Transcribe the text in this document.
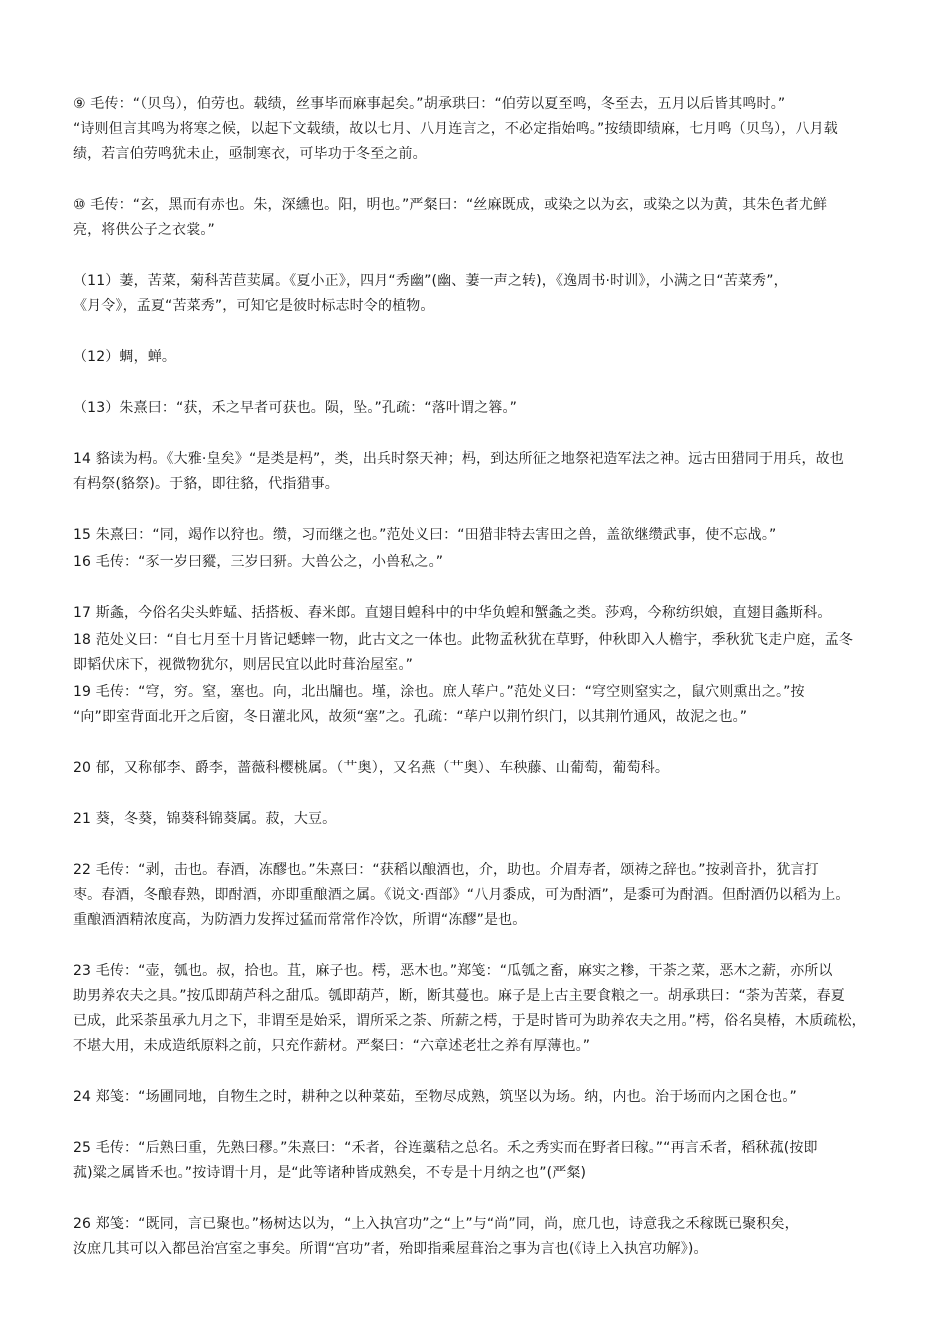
⑨ 毛传：“（贝鸟），伯劳也。载绩，丝事毕而麻事起矣。”胡承珙曰：“伯劳以夏至鸣，冬至去，五月以后皆其鸣时。”
“诗则但言其鸣为将寒之候，以起下文载绩，故以七月、八月连言之，不必定指始鸣。”按绩即绩麻，七月鸣（贝鸟），八月载
绩，若言伯劳鸣犹未止，亟制寒衣，可毕功于冬至之前。
⑩ 毛传：“玄，黑而有赤也。朱，深纁也。阳，明也。”严粲曰：“丝麻既成，或染之以为玄，或染之以为黄，其朱色者尤鲜
亮，将供公子之衣裳。”
（11）萋，苦菜，菊科苦苣荬属。《夏小正》，四月“秀幽”(幽、萋一声之转)，《逸周书·时训》，小满之日“苦菜秀”，
《月令》，孟夏“苦菜秀”，可知它是彼时标志时令的植物。
（12）蜩，蝉。
（13）朱熹曰：“获，禾之早者可获也。陨，坠。”孔疏：“落叶谓之簭。”
14 貉读为杩。《大雅·皇矣》“是类是杩”，类，出兵时祭天神；杩，到达所征之地祭祀造军法之神。远古田猎同于用兵，故也
有杩祭(貉祭)。于貉，即往貉，代指猎事。
15 朱熹曰：“同，竭作以狩也。缵，习而继之也。”范处义曰：“田猎非特去害田之兽，盖欲继缵武事，使不忘战。”
16 毛传：“豕一岁曰豵，三岁曰豜。大兽公之，小兽私之。”
17 斯螽，今俗名尖头蚱蜢、括搭板、舂米郎。直翅目蝗科中的中华负蝗和蟹螽之类。莎鸡，今称纺织娘，直翅目螽斯科。
18 范处义曰：“自七月至十月皆记蟋蟀一物，此古文之一体也。此物孟秋犹在草野，仲秋即入人檐宇，季秋犹飞走户庭，孟冬
即韬伏床下，视微物犹尔，则居民宜以此时葺治屋室。”
19 毛传：“穹，穷。窒，塞也。向，北出牖也。墐，涂也。庶人荜户。”范处义曰：“穹空则窒实之，鼠穴则熏出之。”按
“向”即室背面北开之后窗，冬日灌北风，故须“塞”之。孔疏：“荜户以荆竹织门，以其荆竹通风，故泥之也。”
20 郁，又称郁李、爵李，蔷薇科樱桃属。（艹奥），又名燕（艹奥）、车秧藤、山葡萄，葡萄科。
21 葵，冬葵，锦葵科锦葵属。菽，大豆。
22 毛传：“剥，击也。春酒，冻醪也。”朱熹曰：“获稻以酿酒也，介，助也。介眉寿者，颂祷之辞也。”按剥音扑，犹言打
枣。春酒，冬酿春熟，即酎酒，亦即重酿酒之属。《说文·酉部》“八月黍成，可为酎酒”，是黍可为酎酒。但酎酒仍以稻为上。
重酿酒酒精浓度高，为防酒力发挥过猛而常常作冷饮，所谓“冻醪”是也。
23 毛传：“壶，瓠也。叔，拾也。苴，麻子也。樗，恶木也。”郑笺：“瓜瓠之畜，麻实之糁，干荼之菜，恶木之薪，亦所以
助男养农夫之具。”按瓜即葫芦科之甜瓜。瓠即葫芦，断，断其蔓也。麻子是上古主要食粮之一。胡承珙曰：“荼为苦菜，春夏
已成，此采荼虽承九月之下，非谓至是始采，谓所采之荼、所薪之樗，于是时皆可为助养农夫之用。”樗，俗名臭椿，木质疏松，
不堪大用，未成造纸原料之前，只充作薪材。严粲曰：“六章述老壮之养有厚薄也。”
24 郑笺：“场圃同地，自物生之时，耕种之以种菜茹，至物尽成熟，筑坚以为场。纳，内也。治于场而内之囷仓也。”
25 毛传：“后熟曰重，先熟曰穋。”朱熹曰：“禾者，谷连藁秸之总名。禾之秀实而在野者曰稼。”“再言禾者，稻秫菰(按即
菰)粱之属皆禾也。”按诗谓十月，是“此等诸种皆成熟矣，不专是十月纳之也”(严粲)
26 郑笺：“既同，言已聚也。”杨树达以为，“上入执宫功”之“上”与“尚”同，尚，庶几也，诗意我之禾稼既已聚积矣，
汝庶几其可以入都邑治宫室之事矣。所谓“宫功”者，殆即指乘屋葺治之事为言也(《诗上入执宫功解》)。
